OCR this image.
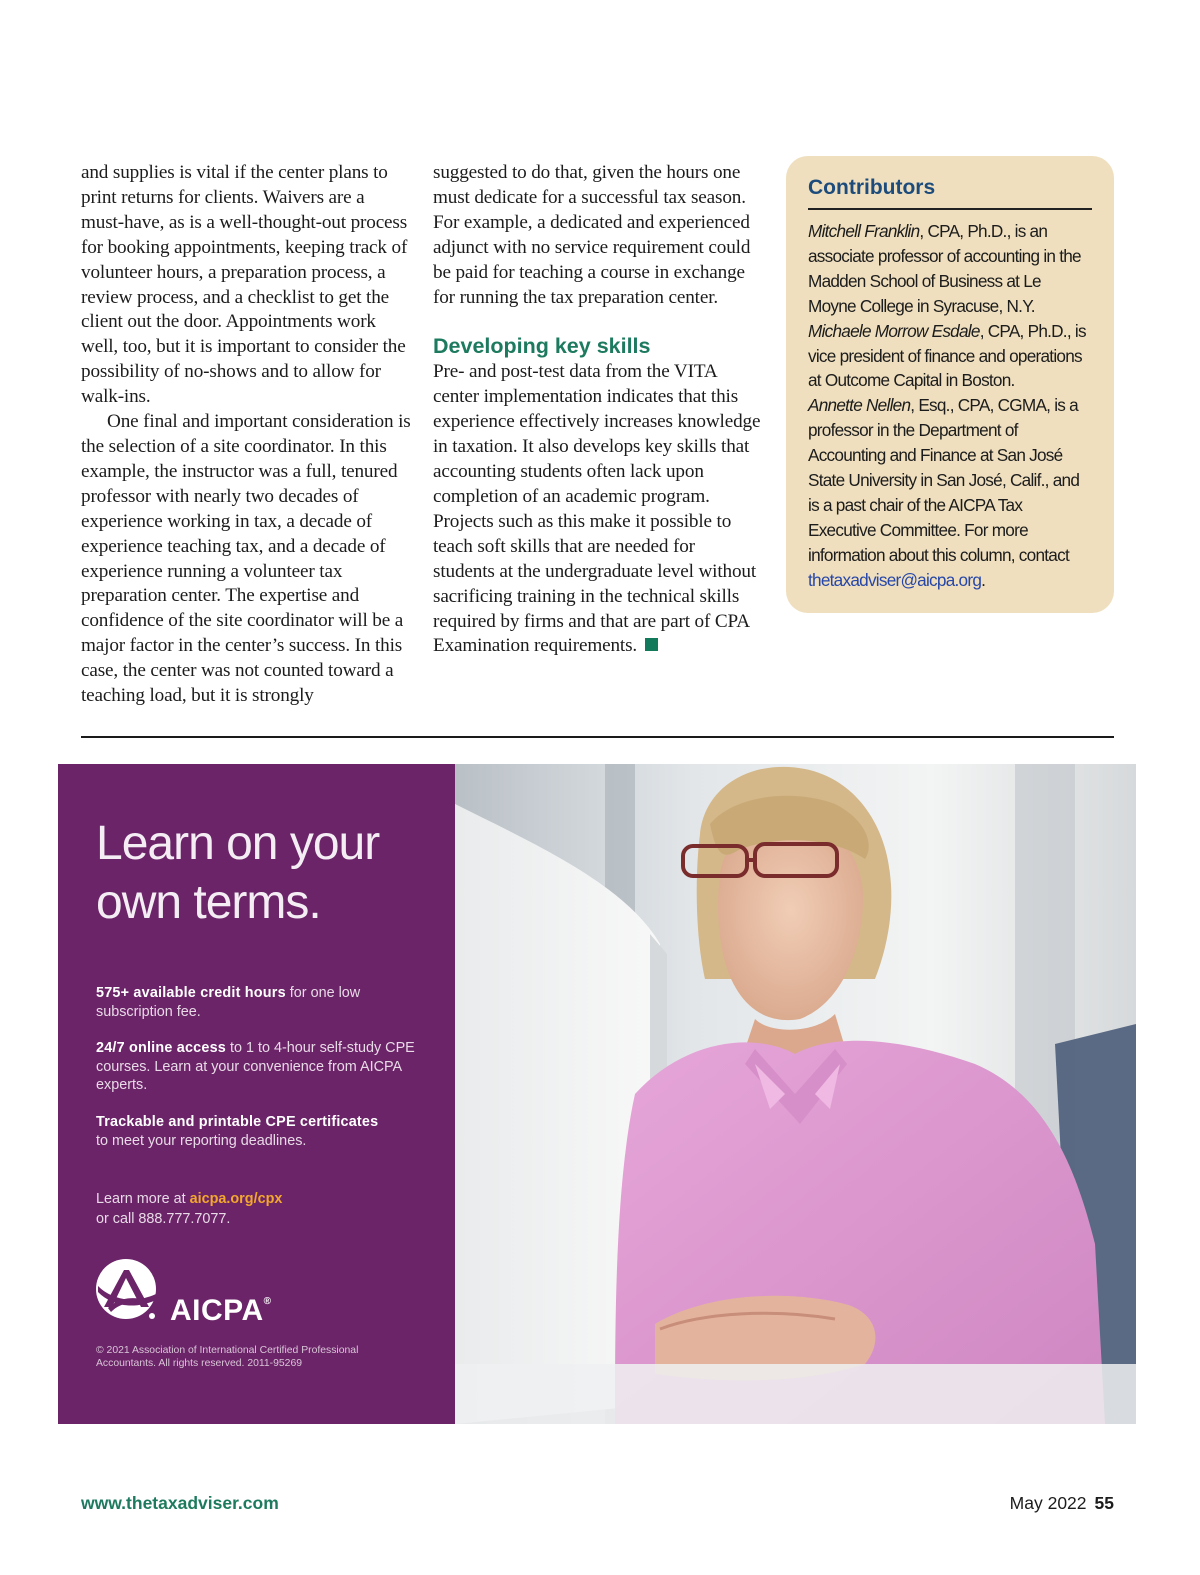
and supplies is vital if the center plans to print returns for clients. Waivers are a must-have, as is a well-thought-out process for booking appointments, keeping track of volunteer hours, a preparation process, a review process, and a checklist to get the client out the door. Appointments work well, too, but it is important to consider the possibility of no-shows and to allow for walk-ins.

One final and important consideration is the selection of a site coordinator. In this example, the instructor was a full, tenured professor with nearly two decades of experience working in tax, a decade of experience teaching tax, and a decade of experience running a volunteer tax preparation center. The expertise and confidence of the site coordinator will be a major factor in the center’s success. In this case, the center was not counted toward a teaching load, but it is strongly

suggested to do that, given the hours one must dedicate for a successful tax season. For example, a dedicated and experienced adjunct with no service requirement could be paid for teaching a course in exchange for running the tax preparation center.

Developing key skills

Pre- and post-test data from the VITA center implementation indicates that this experience effectively increases knowledge in taxation. It also develops key skills that accounting students often lack upon completion of an academic program. Projects such as this make it possible to teach soft skills that are needed for students at the undergraduate level without sacrificing training in the technical skills required by firms and that are part of CPA Examination requirements.

Contributors

Mitchell Franklin, CPA, Ph.D., is an associate professor of accounting in the Madden School of Business at Le Moyne College in Syracuse, N.Y.

Michaele Morrow Esdale, CPA, Ph.D., is vice president of finance and operations at Outcome Capital in Boston.

Annette Nellen, Esq., CPA, CGMA, is a professor in the Department of Accounting and Finance at San José State University in San José, Calif., and is a past chair of the AICPA Tax Executive Committee. For more information about this column, contact thetaxadviser@aicpa.org.

Learn on your own terms.

575+ available credit hours for one low subscription fee.

24/7 online access to 1 to 4-hour self-study CPE courses. Learn at your convenience from AICPA experts.

Trackable and printable CPE certificates
to meet your reporting deadlines.

Learn more at aicpa.org/cpx
or call 888.777.7077.

AICPA®

© 2021 Association of International Certified Professional Accountants. All rights reserved. 2011-95269

www.thetaxadviser.com	May 2022 55
